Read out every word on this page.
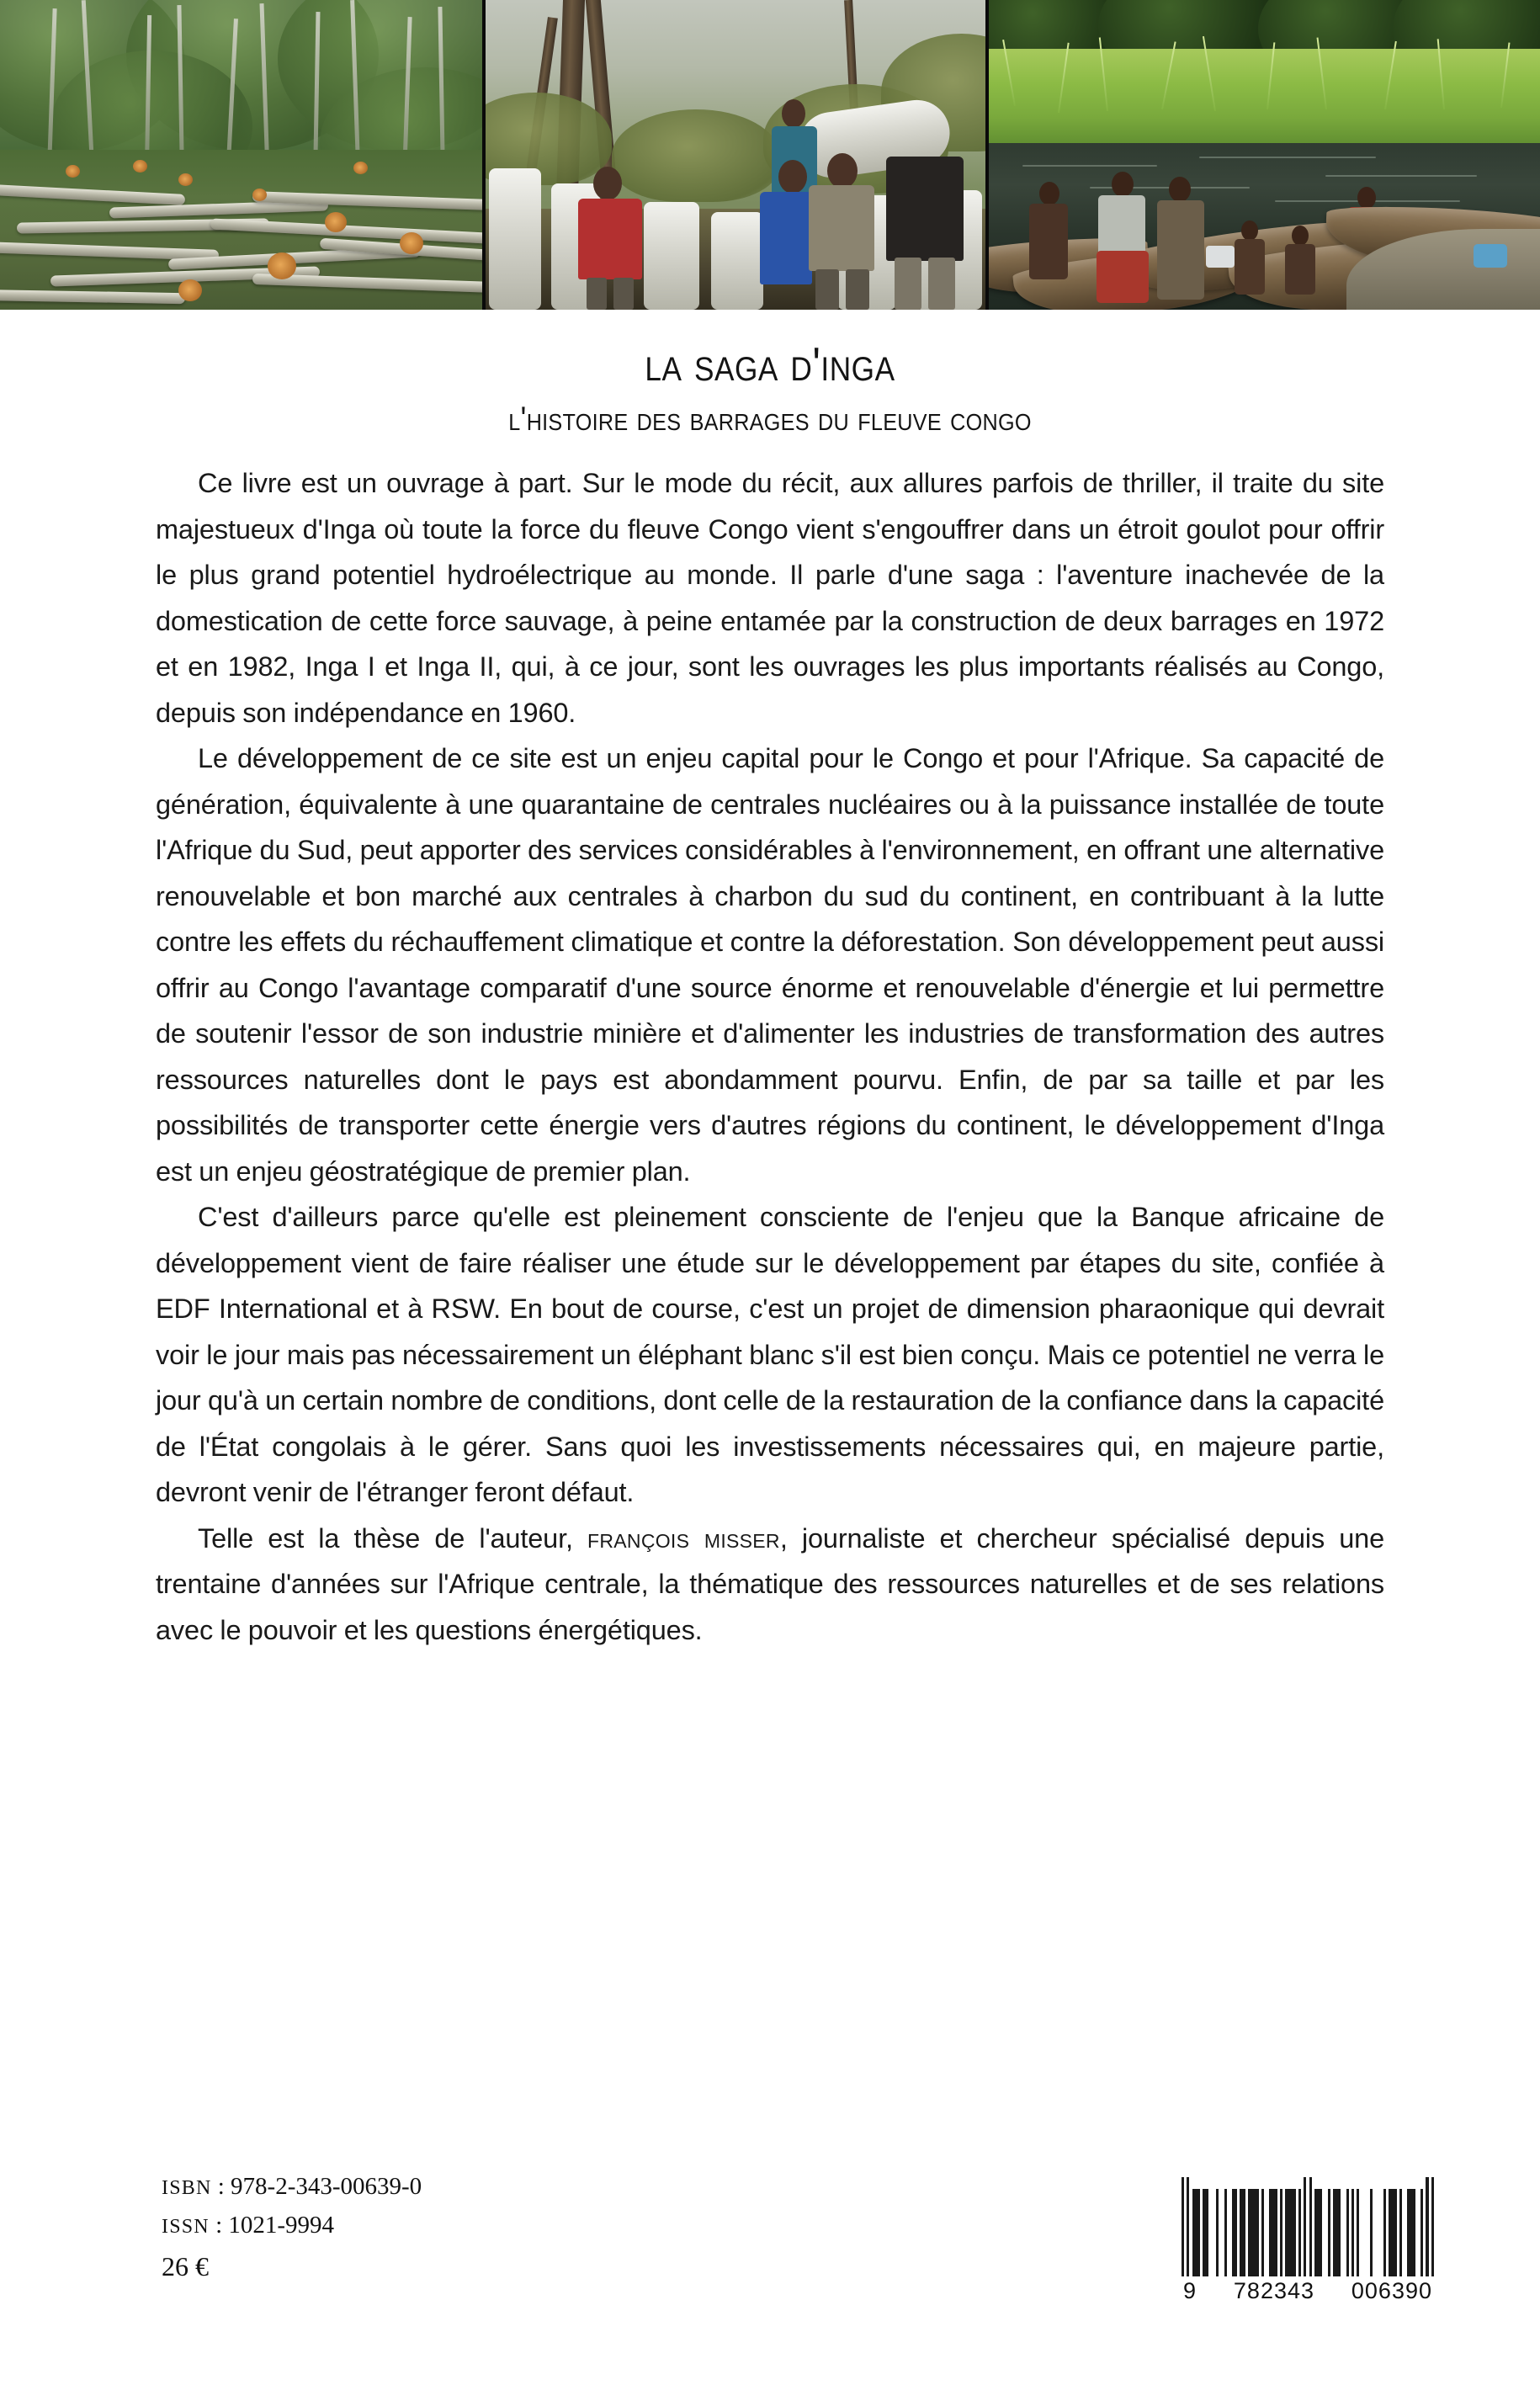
la saga d'inga
l'histoire des barrages du fleuve congo

Ce livre est un ouvrage à part. Sur le mode du récit, aux allures parfois de thriller, il traite du site majestueux d'Inga où toute la force du fleuve Congo vient s'engouffrer dans un étroit goulot pour offrir le plus grand potentiel hydroélectrique au monde. Il parle d'une saga : l'aventure inachevée de la domestication de cette force sauvage, à peine entamée par la construction de deux barrages en 1972 et en 1982, Inga I et Inga II, qui, à ce jour, sont les ouvrages les plus importants réalisés au Congo, depuis son indépendance en 1960.

Le développement de ce site est un enjeu capital pour le Congo et pour l'Afrique. Sa capacité de génération, équivalente à une quarantaine de centrales nucléaires ou à la puissance installée de toute l'Afrique du Sud, peut apporter des services considérables à l'environnement, en offrant une alternative renouvelable et bon marché aux centrales à charbon du sud du continent, en contribuant à la lutte contre les effets du réchauffement climatique et contre la déforestation. Son développement peut aussi offrir au Congo l'avantage comparatif d'une source énorme et renouvelable d'énergie et lui permettre de soutenir l'essor de son industrie minière et d'alimenter les industries de transformation des autres ressources naturelles dont le pays est abondamment pourvu. Enfin, de par sa taille et par les possibilités de transporter cette énergie vers d'autres régions du continent, le développement d'Inga est un enjeu géostratégique de premier plan.

C'est d'ailleurs parce qu'elle est pleinement consciente de l'enjeu que la Banque africaine de développement vient de faire réaliser une étude sur le développement par étapes du site, confiée à EDF International et à RSW. En bout de course, c'est un projet de dimension pharaonique qui devrait voir le jour mais pas nécessairement un éléphant blanc s'il est bien conçu. Mais ce potentiel ne verra le jour qu'à un certain nombre de conditions, dont celle de la restauration de la confiance dans la capacité de l'État congolais à le gérer. Sans quoi les investissements nécessaires qui, en majeure partie, devront venir de l'étranger feront défaut.

Telle est la thèse de l'auteur, françois misser, journaliste et chercheur spécialisé depuis une trentaine d'années sur l'Afrique centrale, la thématique des ressources naturelles et de ses relations avec le pouvoir et les questions énergétiques.

ISBN : 978-2-343-00639-0
ISSN : 1021-9994
26 €
9 782343 006390
